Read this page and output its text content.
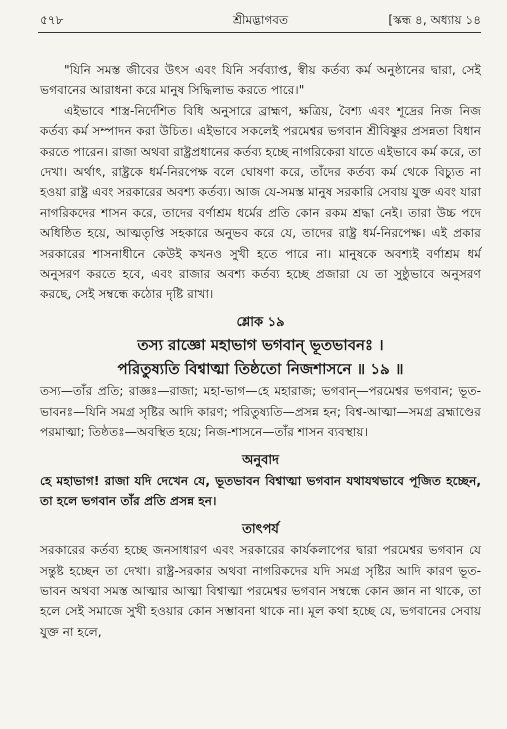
৫৭৮	শ্রীমদ্ভাগবত	[স্কন্ধ ৪, অধ্যায় ১৪

"যিনি সমস্ত জীবের উৎস এবং যিনি সর্বব্যাপ্ত, স্বীয় কর্তব্য কর্ম অনুষ্ঠানের দ্বারা, সেই ভগবানের আরাধনা করে মানুষ সিদ্ধিলাভ করতে পারে।"

এইভাবে শাস্ত্র-নির্দেশিত বিধি অনুসারে ব্রাহ্মণ, ক্ষত্রিয়, বৈশ্য এবং শূদ্রের নিজ নিজ কর্তব্য কর্ম সম্পাদন করা উচিত। এইভাবে সকলেই পরমেশ্বর ভগবান শ্রীবিষ্ণুর প্রসন্নতা বিধান করতে পারেন। রাজা অথবা রাষ্ট্রপ্রধানের কর্তব্য হচ্ছে নাগরিকেরা যাতে এইভাবে কর্ম করে, তা দেখা। অর্থাৎ, রাষ্ট্রকে ধর্ম-নিরপেক্ষ বলে ঘোষণা করে, তাঁদের কর্তব্য কর্ম থেকে বিচ্যুত না হওয়া রাষ্ট্র এবং সরকারের অবশ্য কর্তব্য। আজ যে-সমস্ত মানুষ সরকারি সেবায় যুক্ত এবং যারা নাগরিকদের শাসন করে, তাদের বর্ণাশ্রম ধর্মের প্রতি কোন রকম শ্রদ্ধা নেই। তারা উচ্চ পদে অধিষ্ঠিত হয়ে, আত্মতৃপ্তি সহকারে অনুভব করে যে, তাদের রাষ্ট্র ধর্ম-নিরপেক্ষ। এই প্রকার সরকারের শাসনাধীনে কেউই কখনও সুখী হতে পারে না। মানুষকে অবশ্যই বর্ণাশ্রম ধর্ম অনুসরণ করতে হবে, এবং রাজার অবশ্য কর্তব্য হচ্ছে প্রজারা যে তা সুষ্ঠুভাবে অনুসরণ করছে, সেই সম্বন্ধে কঠোর দৃষ্টি রাখা।

শ্লোক ১৯
তস্য রাজ্ঞো মহাভাগ ভগবান্ ভূতভাবনঃ ।
পরিতুষ্যতি বিশ্বাত্মা তিষ্ঠতো নিজশাসনে ॥ ১৯ ॥

তস্য—তাঁর প্রতি; রাজ্ঞঃ—রাজা; মহা-ভাগ—হে মহারাজ; ভগবান্—পরমেশ্বর ভগবান; ভূত-ভাবনঃ—যিনি সমগ্র সৃষ্টির আদি কারণ; পরিতুষ্যতি—প্রসন্ন হন; বিশ্ব-আত্মা—সমগ্র ব্রহ্মাণ্ডের পরমাত্মা; তিষ্ঠতঃ—অবস্থিত হয়ে; নিজ-শাসনে—তাঁর শাসন ব্যবস্থায়।

অনুবাদ

হে মহাভাগ! রাজা যদি দেখেন যে, ভূতভাবন বিশ্বাত্মা ভগবান যথাযথভাবে পূজিত হচ্ছেন, তা হলে ভগবান তাঁর প্রতি প্রসন্ন হন।

তাৎপর্য

সরকারের কর্তব্য হচ্ছে জনসাধারণ এবং সরকারের কার্যকলাপের দ্বারা পরমেশ্বর ভগবান যে সন্তুষ্ট হচ্ছেন তা দেখা। রাষ্ট্র-সরকার অথবা নাগরিকদের যদি সমগ্র সৃষ্টির আদি কারণ ভূত-ভাবন অথবা সমস্ত আত্মার আত্মা বিশ্বাত্মা পরমেশ্বর ভগবান সম্বন্ধে কোন জ্ঞান না থাকে, তা হলে সেই সমাজে সুখী হওয়ার কোন সম্ভাবনা থাকে না। মূল কথা হচ্ছে যে, ভগবানের সেবায় যুক্ত না হলে,
